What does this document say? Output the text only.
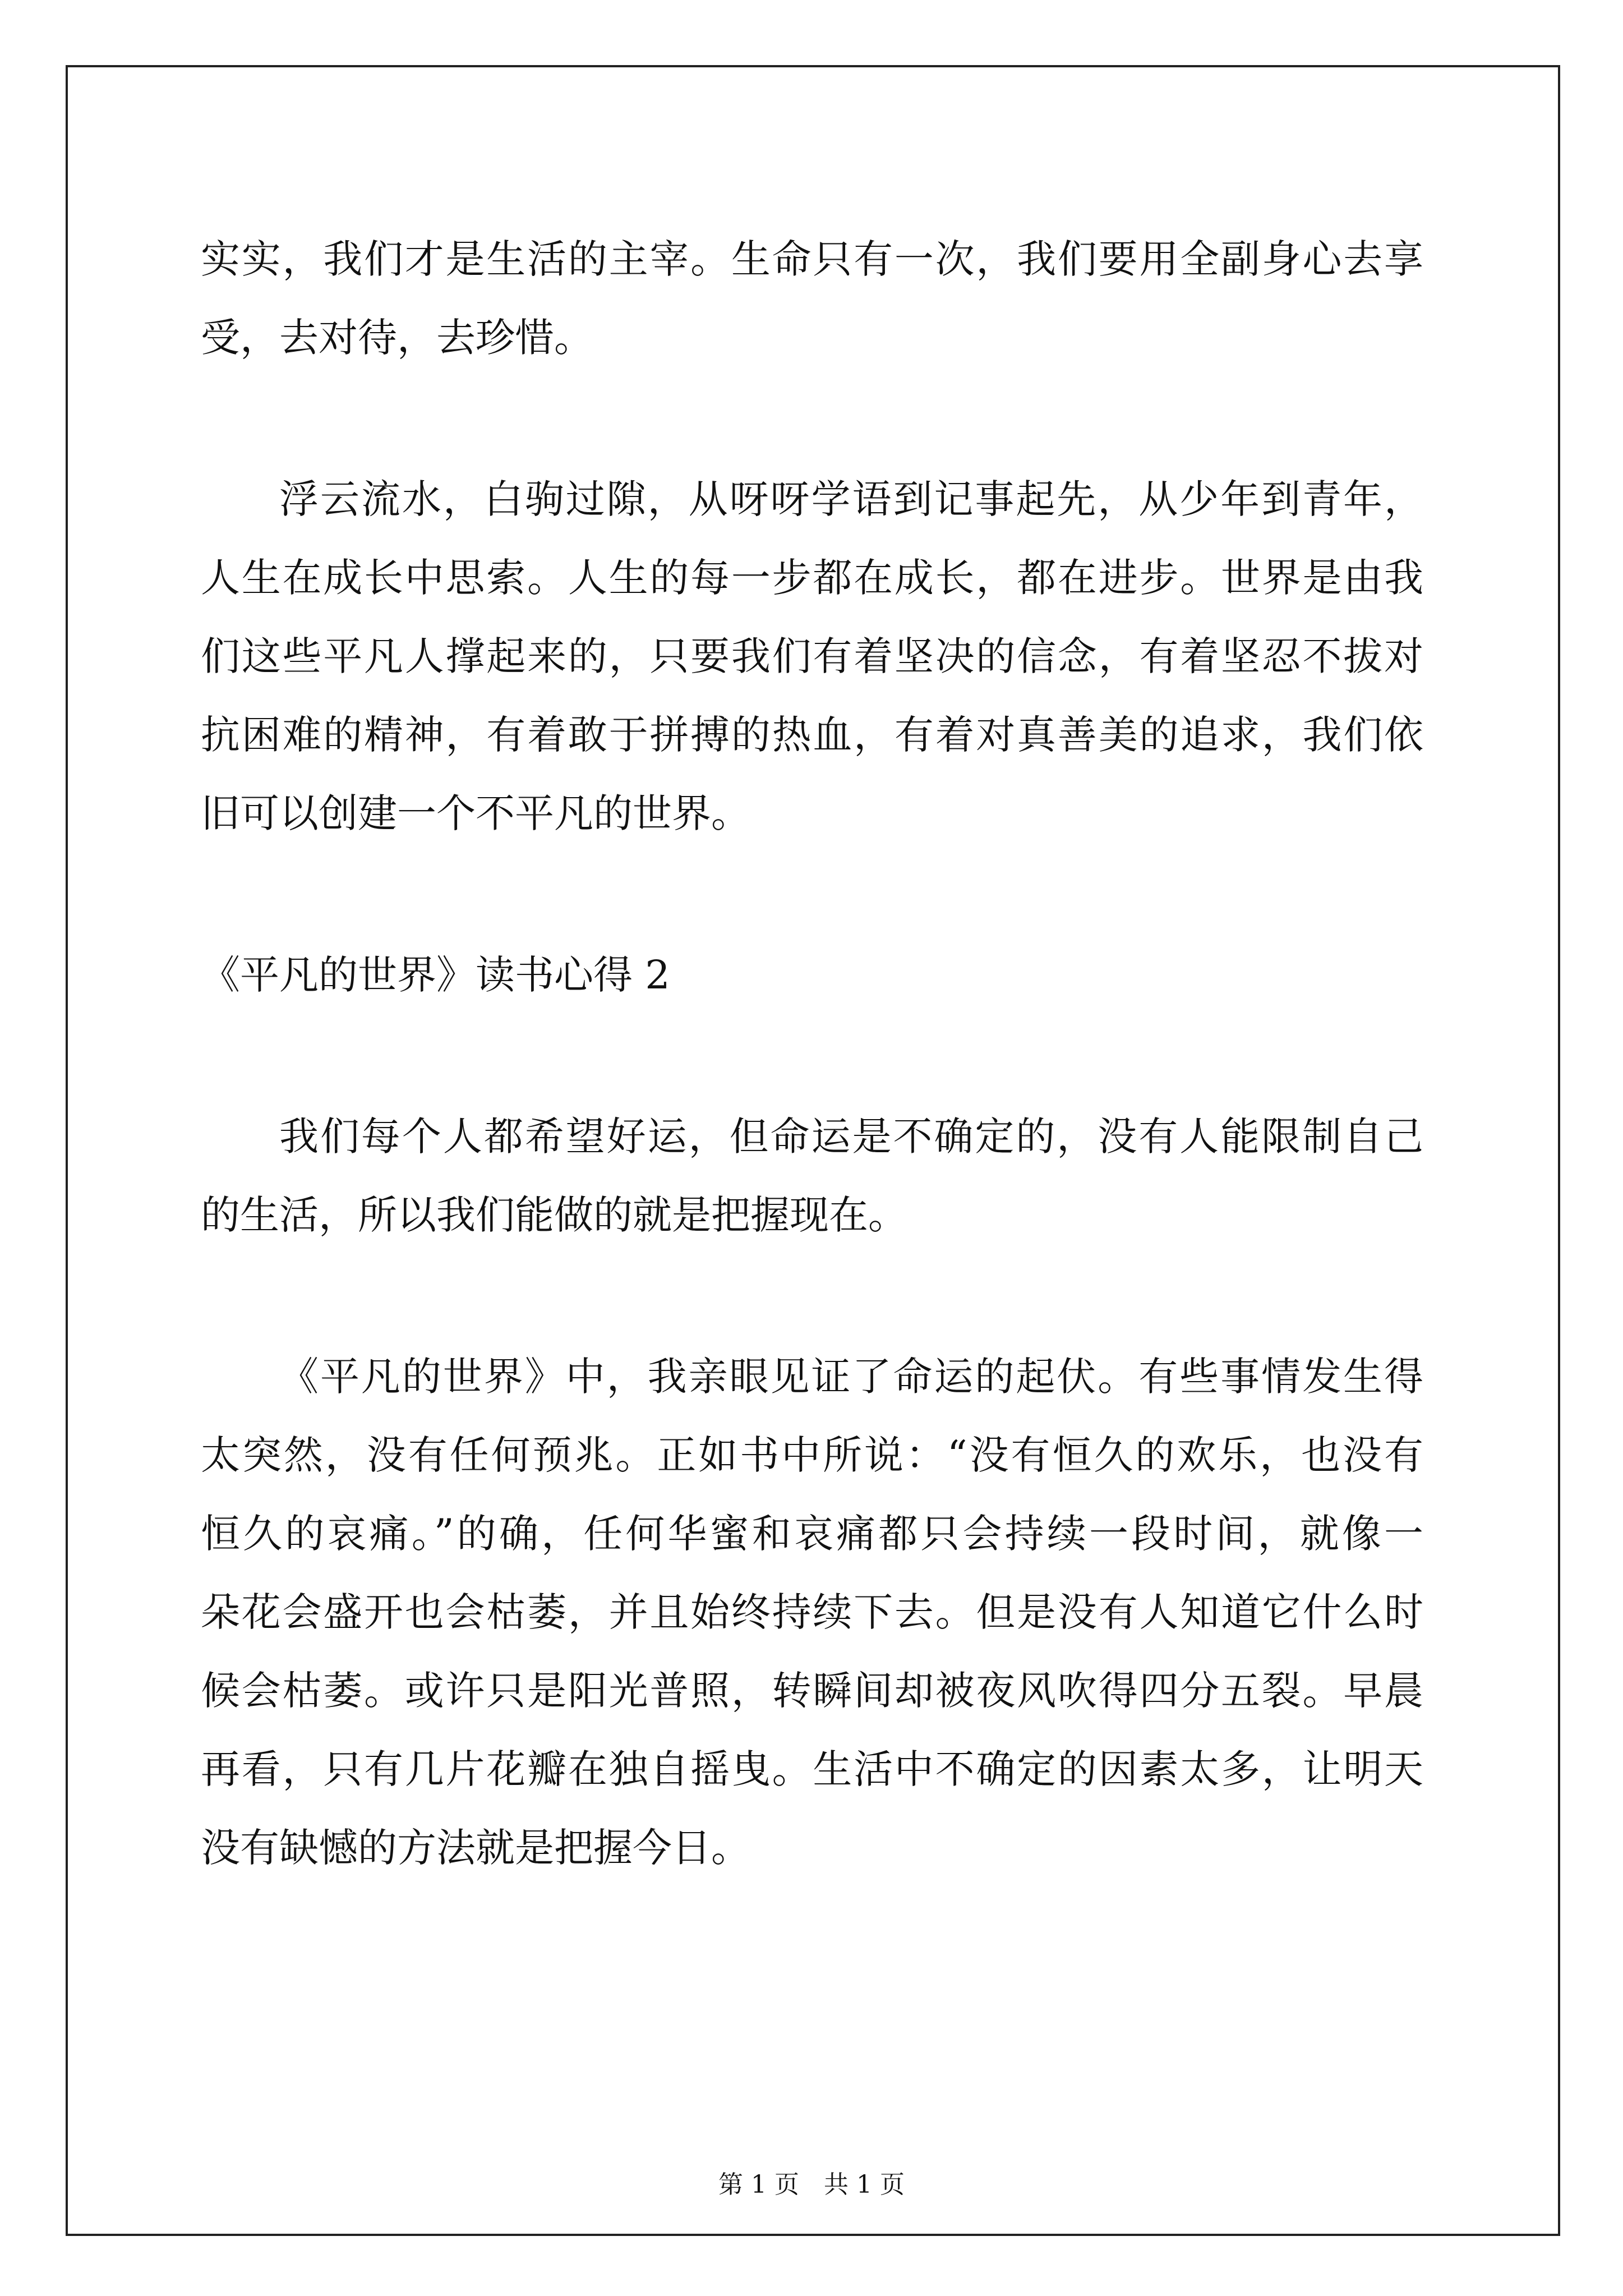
实实，我们才是生活的主宰。生命只有一次，我们要用全副身心去享
受，去对待，去珍惜。
浮云流水，白驹过隙，从呀呀学语到记事起先，从少年到青年，
人生在成长中思索。人生的每一步都在成长，都在进步。世界是由我
们这些平凡人撑起来的，只要我们有着坚决的信念，有着坚忍不拔对
抗困难的精神，有着敢于拼搏的热血，有着对真善美的追求，我们依
旧可以创建一个不平凡的世界。
《平凡的世界》读书心得 2
我们每个人都希望好运，但命运是不确定的，没有人能限制自己
的生活，所以我们能做的就是把握现在。
《平凡的世界》中，我亲眼见证了命运的起伏。有些事情发生得
太突然，没有任何预兆。正如书中所说：“没有恒久的欢乐，也没有
恒久的哀痛。”的确，任何华蜜和哀痛都只会持续一段时间，就像一
朵花会盛开也会枯萎，并且始终持续下去。但是没有人知道它什么时
候会枯萎。或许只是阳光普照，转瞬间却被夜风吹得四分五裂。早晨
再看，只有几片花瓣在独自摇曳。生活中不确定的因素太多，让明天
没有缺憾的方法就是把握今日。
第 1 页　共 1 页
